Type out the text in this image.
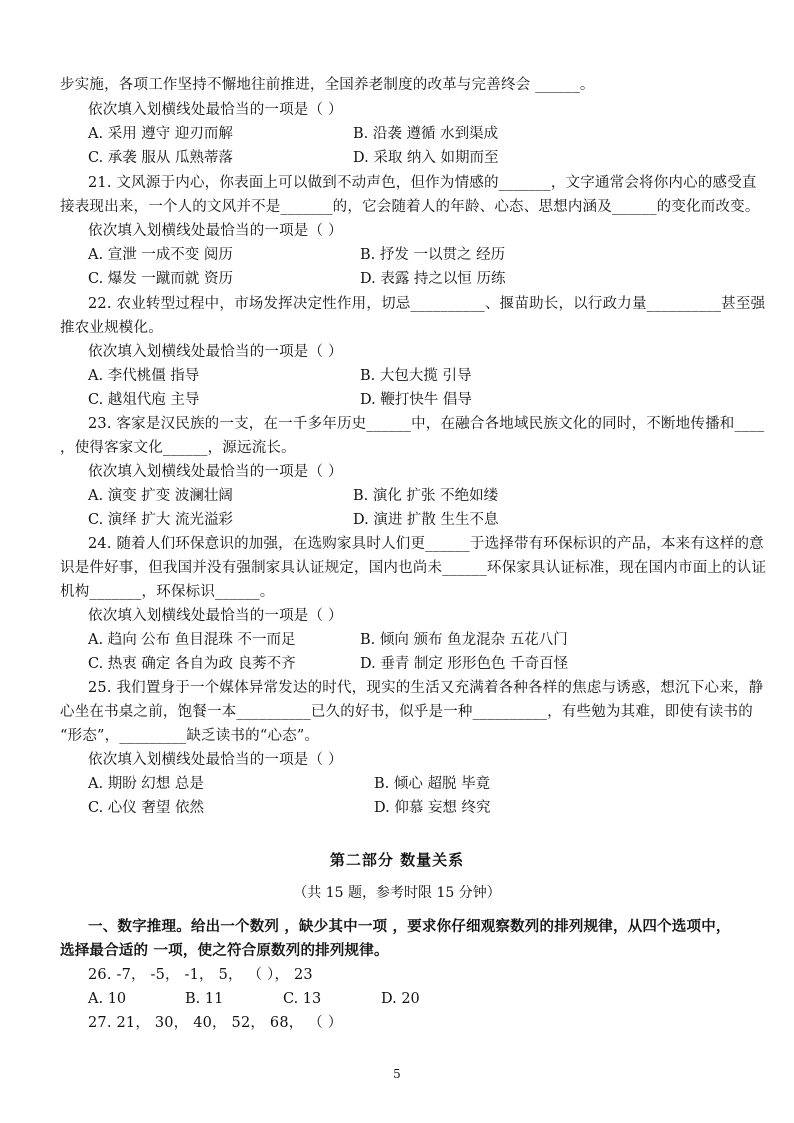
步实施，各项工作坚持不懈地往前推进，全国养老制度的改革与完善终会 ______。
依次填入划横线处最恰当的一项是（ ）
A. 采用 遵守 迎刃而解	B. 沿袭 遵循 水到渠成
C. 承袭 服从 瓜熟蒂落	D. 采取 纳入 如期而至
21. 文风源于内心，你表面上可以做到不动声色，但作为情感的_______，文字通常会将你内心的感受直
接表现出来，一个人的文风并不是_______的，它会随着人的年龄、心态、思想内涵及______的变化而改变。
依次填入划横线处最恰当的一项是（ ）
A. 宣泄 一成不变 阅历	B. 抒发 一以贯之 经历
C. 爆发 一蹴而就 资历	D. 表露 持之以恒 历练
22. 农业转型过程中，市场发挥决定性作用，切忌__________、揠苗助长，以行政力量__________甚至强
推农业规模化。
依次填入划横线处最恰当的一项是（ ）
A. 李代桃僵 指导	B. 大包大揽 引导
C. 越俎代庖 主导	D. 鞭打快牛 倡导
23. 客家是汉民族的一支，在一千多年历史______中，在融合各地域民族文化的同时，不断地传播和____
，使得客家文化______，源远流长。
依次填入划横线处最恰当的一项是（ ）
A. 演变 扩变 波澜壮阔	B. 演化 扩张 不绝如缕
C. 演绎 扩大 流光溢彩	D. 演进 扩散 生生不息
24. 随着人们环保意识的加强，在选购家具时人们更______于选择带有环保标识的产品，本来有这样的意
识是件好事，但我国并没有强制家具认证规定，国内也尚未______环保家具认证标准，现在国内市面上的认证
机构_______，环保标识______。
依次填入划横线处最恰当的一项是（ ）
A. 趋向 公布 鱼目混珠 不一而足	B. 倾向 颁布 鱼龙混杂 五花八门
C. 热衷 确定 各自为政 良莠不齐	D. 垂青 制定 形形色色 千奇百怪
25. 我们置身于一个媒体异常发达的时代，现实的生活又充满着各种各样的焦虑与诱惑，想沉下心来，静
心坐在书桌之前，饱餐一本__________已久的好书，似乎是一种__________，有些勉为其难，即使有读书的
“形态”，_________缺乏读书的“心态”。
依次填入划横线处最恰当的一项是（ ）
A. 期盼 幻想 总是	B. 倾心 超脱 毕竟
C. 心仪 奢望 依然	D. 仰慕 妄想 终究
第二部分 数量关系
（共 15 题，参考时限 15 分钟）
一、数字推理。给出一个数列 ，缺少其中一项 ，要求你仔细观察数列的排列规律，从四个选项中，
选择最合适的 一项，使之符合原数列的排列规律。
26. -7， -5， -1， 5， （ ）， 23
A. 10	B. 11	C. 13	D. 20
27. 21， 30， 40， 52， 68， （ ）
5
